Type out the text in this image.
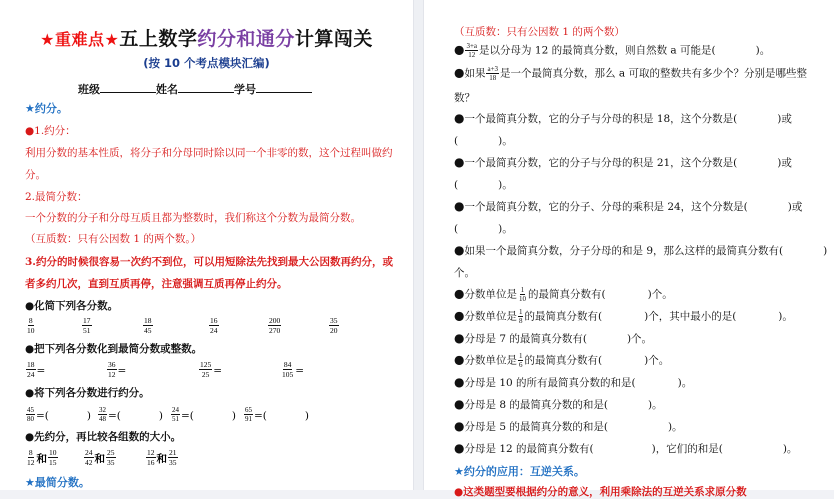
★重难点★五上数学约分和通分计算闯关
(按 10 个考点模块汇编)
班级	姓名	学号
★约分。
●1.约分：
利用分数的基本性质，将分子和分母同时除以同一个非零的数，这个过程叫做约
分。
2.最简分数：
一个分数的分子和分母互质且都为整数时，我们称这个分数为最简分数。
（互质数：只有公因数 1 的两个数。）
3.约分的时候很容易一次约不到位，可以用短除法先找到最大公因数再约分，或
者多约几次，直到互质再停，注意强调互质再停止约分。
●化简下列各分数。
$\frac{8}{10}$	$\frac{17}{51}$	$\frac{18}{45}$	$\frac{16}{24}$	$\frac{200}{270}$	$\frac{35}{20}$
●把下列各分数化到最简分数或整数。
$\frac{18}{24}$ =	$\frac{36}{12}$ =	$\frac{125}{25}$ =	$\frac{84}{105}$ =
●将下列各分数进行约分。
$\frac{45}{80}$ =(	) $\frac{32}{48}$ =(	) $\frac{24}{51}$ =(	) $\frac{65}{91}$ =(	)
●先约分，再比较各组数的大小。
$\frac{8}{12}$ 和 $\frac{10}{15}$	$\frac{24}{42}$ 和 $\frac{25}{35}$	$\frac{12}{16}$ 和 $\frac{21}{35}$
★最简分数。
（互质数：只有公因数 1 的两个数）
● $\frac{3+a}{12}$ 是以分母为 12 的最简真分数，则自然数 a 可能是(	)。
●如果 $\frac{a+3}{18}$ 是一个最简真分数，那么 a 可取的整数共有多少个？分别是哪些整
数？
●一个最简真分数，它的分子与分母的积是 18，这个分数是(	)或
(	)。
●一个最简真分数，它的分子与分母的积是 21，这个分数是(	)或
(	)。
●一个最简真分数，它的分子、分母的乘积是 24，这个分数是(	)或
(	)。
●如果一个最简真分数，分子分母的和是 9，那么这样的最简真分数有(	)
个。
●分数单位是 $\frac{1}{10}$ 的最简真分数有(	)个。
●分数单位是 $\frac{1}{8}$ 的最简真分数有(	)个，其中最小的是(	)。
●分母是 7 的最简真分数有(	)个。
●分数单位是 $\frac{1}{6}$ 的最简真分数有(	)个。
●分母是 10 的所有最简真分数的和是(	)。
●分母是 8 的最简真分数的和是(	)。
●分母是 5 的最简真分数的和是(	)。
●分母是 12 的最简真分数有(	)，它们的和是(	)。
★约分的应用：互逆关系。
●这类题型要根据约分的意义，利用乘除法的互逆关系求原分数
